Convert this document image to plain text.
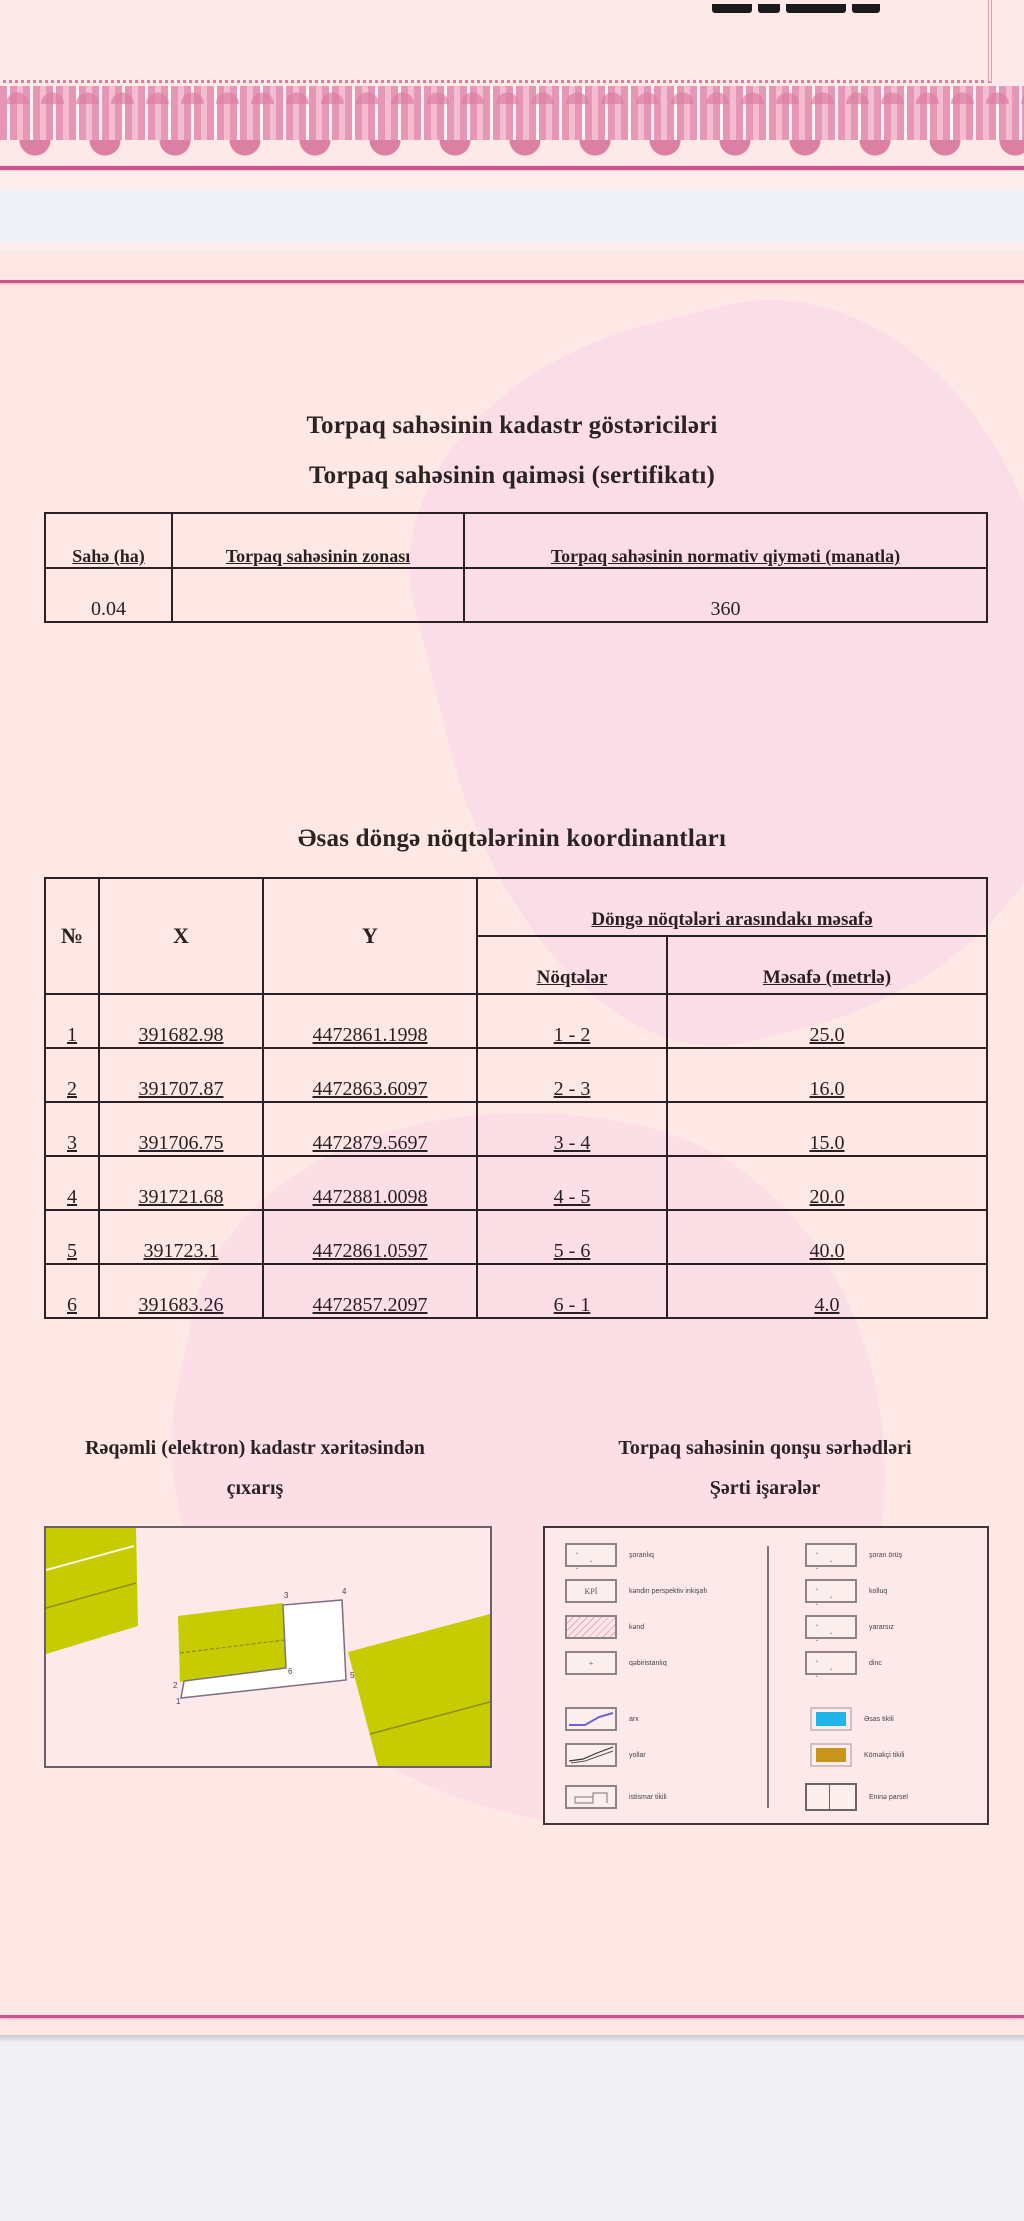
Torpaq sahəsinin kadastr göstəriciləri
Torpaq sahəsinin qaiməsi (sertifikatı)
Sahə (ha)	Torpaq sahəsinin zonası	Torpaq sahəsinin normativ qiyməti (manatla)
0.04		360
Əsas döngə nöqtələrinin koordinantları
№	X	Y	Döngə nöqtələri arasındakı məsafə	
			Nöqtələr	Məsafə (metrlə)
1	391682.98	4472861.1998	1 - 2	25.0
2	391707.87	4472863.6097	2 - 3	16.0
3	391706.75	4472879.5697	3 - 4	15.0
4	391721.68	4472881.0098	4 - 5	20.0
5	391723.1	4472861.0597	5 - 6	40.0
6	391683.26	4472857.2097	6 - 1	4.0
Rəqəmli (elektron) kadastr xəritəsindən
çıxarış
Torpaq sahəsinin qonşu sərhədləri
Şərti işarələr
1
2
3	4
5
6
· · ·
şoranlıq
KPİ	kəndin perspektiv inkişafı
kənd
+	qəbiristanlıq
arx
yollar
istismar tikili
· · ·
şoran örüş
· · ·
kolluq
· · ·
yararsız
· · ·
dinc
Əsas tikili
Köməkçi tikili
Eninə parsel
